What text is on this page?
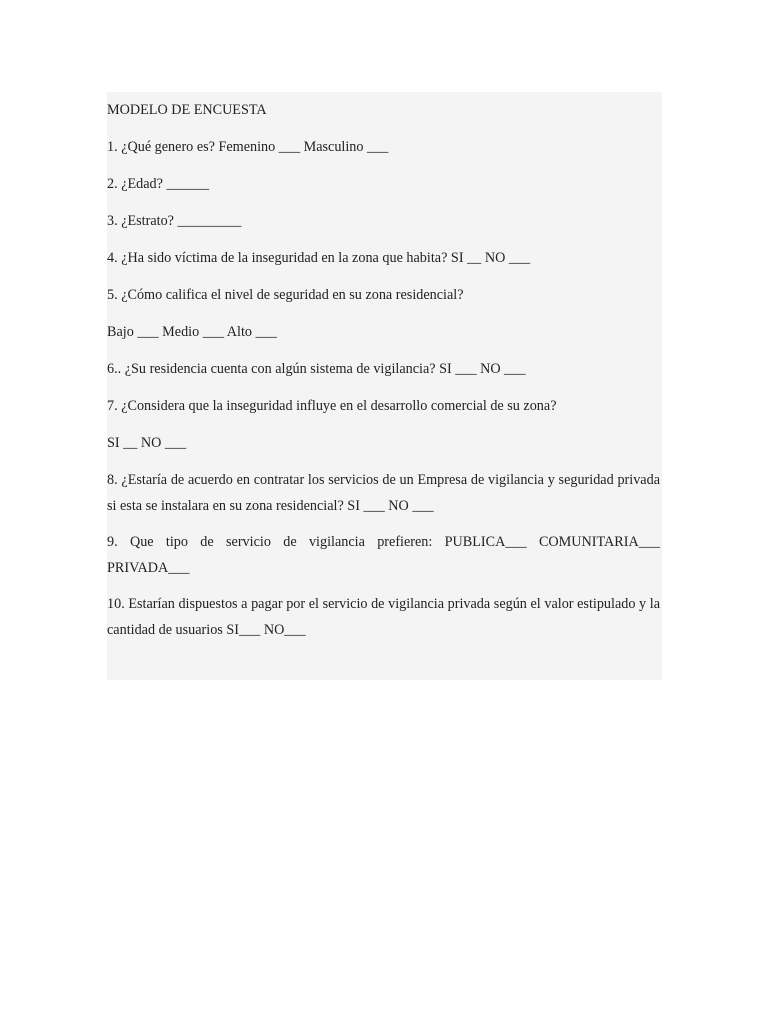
MODELO DE ENCUESTA
1. ¿Qué genero es? Femenino ___ Masculino ___
2. ¿Edad? ______
3. ¿Estrato? _________
4. ¿Ha sido víctima de la inseguridad en la zona que habita? SI __ NO ___
5. ¿Cómo califica el nivel de seguridad en su zona residencial?
Bajo ___ Medio ___ Alto ___
6.. ¿Su residencia cuenta con algún sistema de vigilancia? SI ___ NO ___
7. ¿Considera que la inseguridad influye en el desarrollo comercial de su zona?
SI __ NO ___
8. ¿Estaría de acuerdo en contratar los servicios de un Empresa de vigilancia y seguridad privada si esta se instalara en su zona residencial? SI ___ NO ___
9. Que tipo de servicio de vigilancia prefieren: PUBLICA___ COMUNITARIA___ PRIVADA___
10. Estarían dispuestos a pagar por el servicio de vigilancia privada según el valor estipulado y la cantidad de usuarios SI___ NO___
